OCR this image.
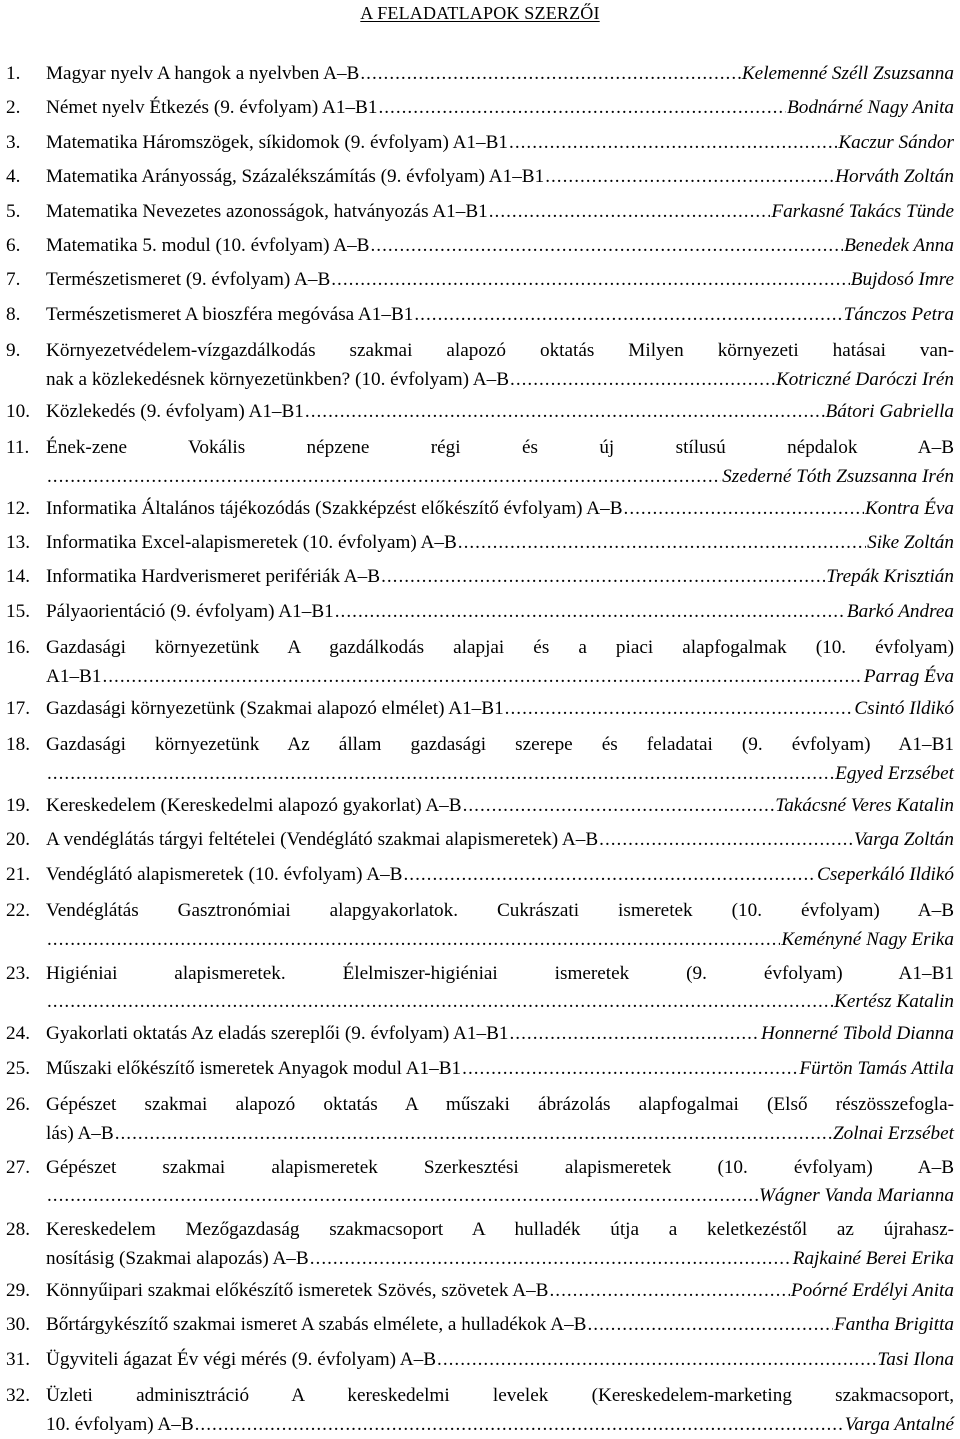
A FELADATLAPOK SZERZŐI
1. Magyar nyelv A hangok a nyelvben A–B .....	Kelemenné Széll Zsuzsanna
2. Német nyelv Étkezés (9. évfolyam) A1–B1 .....	Bodnárné Nagy Anita
3. Matematika Háromszögek, síkidomok (9. évfolyam) A1–B1 .....	Kaczur Sándor
4. Matematika Arányosság, Százalékszámítás (9. évfolyam) A1–B1 .....	Horváth Zoltán
5. Matematika Nevezetes azonosságok, hatványozás A1–B1 .....	Farkasné Takács Tünde
6. Matematika 5. modul (10. évfolyam) A–B .....	Benedek Anna
7. Természetismeret (9. évfolyam) A–B .....	Bujdosó Imre
8. Természetismeret A bioszféra megóvása A1–B1 .....	Tánczos Petra
9. Környezetvédelem-vízgazdálkodás szakmai alapozó oktatás Milyen környezeti hatásai van-
nak a közlekedésnek környezetünkben? (10. évfolyam) A–B .....	Kotriczné Daróczi Irén
10. Közlekedés (9. évfolyam) A1–B1 .....	Bátori Gabriella
11. Ének-zene Vokális népzene régi és új stílusú népdalok A–B
.....
Szederné Tóth Zsuzsanna Irén
12. Informatika Általános tájékozódás (Szakképzést előkészítő évfolyam) A–B .....	Kontra Éva
13. Informatika Excel-alapismeretek (10. évfolyam) A–B .....	Sike Zoltán
14. Informatika Hardverismeret perifériák A–B .....	Trepák Krisztián
15. Pályaorientáció (9. évfolyam) A1–B1 .....	Barkó Andrea
16. Gazdasági környezetünk A gazdálkodás alapjai és a piaci alapfogalmak (10. évfolyam)
A1–B1 .....	Parrag Éva
17. Gazdasági környezetünk (Szakmai alapozó elmélet) A1–B1 .....	Csintó Ildikó
18. Gazdasági környezetünk Az állam gazdasági szerepe és feladatai (9. évfolyam) A1–B1
.....
Egyed Erzsébet
19. Kereskedelem (Kereskedelmi alapozó gyakorlat) A–B .....	Takácsné Veres Katalin
20. A vendéglátás tárgyi feltételei (Vendéglátó szakmai alapismeretek) A–B .....	Varga Zoltán
21. Vendéglátó alapismeretek (10. évfolyam) A–B .....	Cseperkáló Ildikó
22. Vendéglátás Gasztronómiai alapgyakorlatok. Cukrászati ismeretek (10. évfolyam) A–B
.....
Keményné Nagy Erika
23. Higiéniai alapismeretek. Élelmiszer-higiéniai ismeretek (9. évfolyam) A1–B1
.....
Kertész Katalin
24. Gyakorlati oktatás Az eladás szereplői (9. évfolyam) A1–B1 .....	Honnerné Tibold Dianna
25. Műszaki előkészítő ismeretek Anyagok modul A1–B1 .....	Fürtön Tamás Attila
26. Gépészet szakmai alapozó oktatás A műszaki ábrázolás alapfogalmai (Első részösszefogla-
lás) A–B .....	Zolnai Erzsébet
27. Gépészet szakmai alapismeretek Szerkesztési alapismeretek (10. évfolyam) A–B
.....
Wágner Vanda Marianna
28. Kereskedelem Mezőgazdaság szakmacsoport A hulladék útja a keletkezéstől az újrahasz-
nosításig (Szakmai alapozás) A–B .....	Rajkainé Berei Erika
29. Könnyűipari szakmai előkészítő ismeretek Szövés, szövetek A–B .....	Poórné Erdélyi Anita
30. Bőrtárgykészítő szakmai ismeret A szabás elmélete, a hulladékok A–B .....	Fantha Brigitta
31. Ügyviteli ágazat Év végi mérés (9. évfolyam) A–B .....	Tasi Ilona
32. Üzleti adminisztráció A kereskedelmi levelek (Kereskedelem-marketing szakmacsoport,
10. évfolyam) A–B .....	Varga Antalné
